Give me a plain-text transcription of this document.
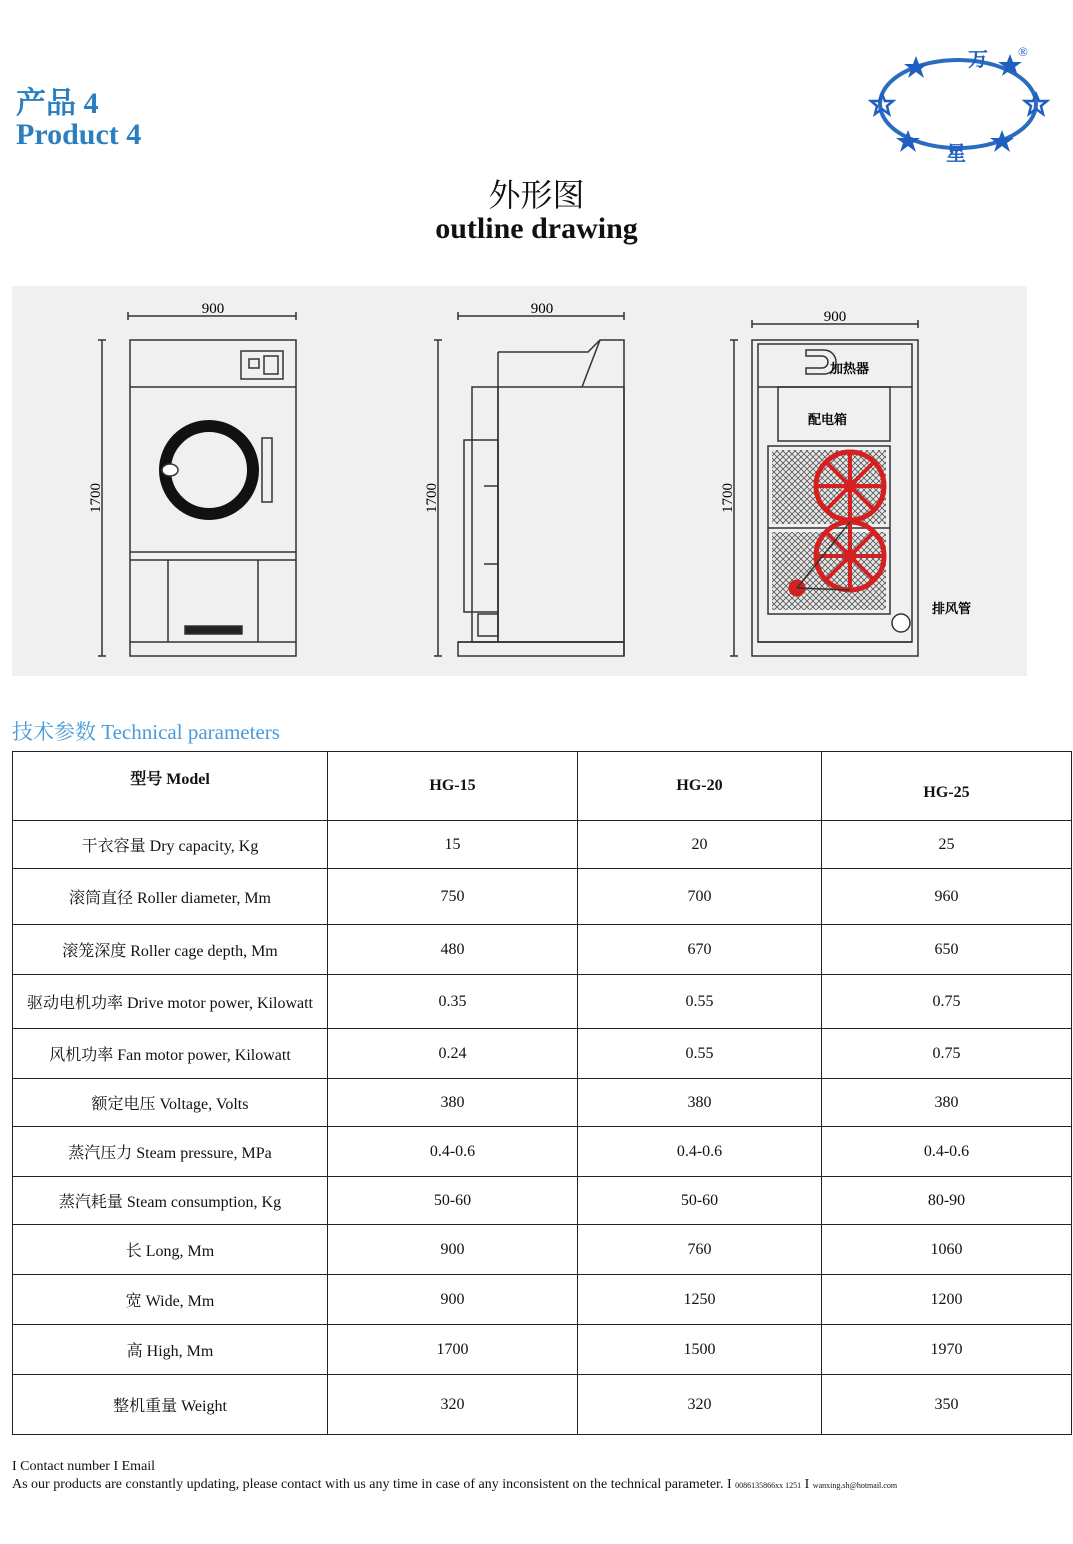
产品 4
Product 4
万
星
®
外形图
outline drawing
900
1700
900
1700
900
1700
加热器
配电箱
排风管
技术参数 Technical parameters
型号 Model	HG-15	HG-20	HG-25
干衣容量 Dry capacity, Kg	15	20	25
滚筒直径 Roller diameter, Mm	750	700	960
滚笼深度 Roller cage depth, Mm	480	670	650
驱动电机功率 Drive motor power, Kilowatt	0.35	0.55	0.75
风机功率 Fan motor power, Kilowatt	0.24	0.55	0.75
额定电压 Voltage, Volts	380	380	380
蒸汽压力 Steam pressure, MPa	0.4-0.6	0.4-0.6	0.4-0.6
蒸汽耗量 Steam consumption, Kg	50-60	50-60	80-90
长 Long, Mm	900	760	1060
宽 Wide, Mm	900	1250	1200
高 High, Mm	1700	1500	1970
整机重量 Weight	320	320	350
I Contact number I Email
As our products are constantly updating, please contact with us any time in case of any inconsistent on the technical parameter. I 0086135866xx 1251 I wanxing.sh@hotmail.com
